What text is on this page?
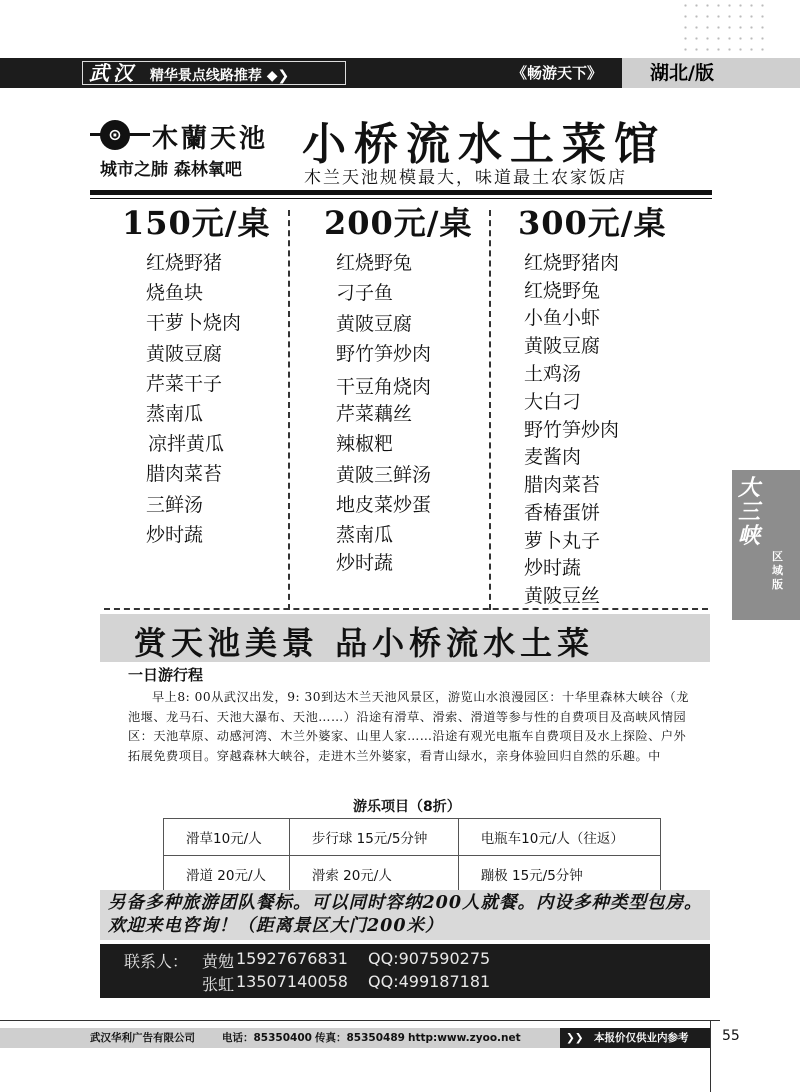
武汉 精华景点线路推荐 ◆❯	《畅游天下》	湖北/版
⊙	木蘭天池
城市之肺 森林氧吧 小桥流水土菜馆
木兰天池规模最大，味道最土农家饭店
150元/桌
红烧野猪
烧鱼块
干萝卜烧肉
黄陂豆腐
芹菜干子
蒸南瓜
凉拌黄瓜
腊肉菜苔
三鲜汤
炒时蔬
200元/桌
红烧野兔
刁子鱼
黄陂豆腐
野竹笋炒肉
干豆角烧肉
芹菜藕丝
辣椒粑
黄陂三鲜汤
地皮菜炒蛋
蒸南瓜
炒时蔬
300元/桌
红烧野猪肉
红烧野兔
小鱼小虾
黄陂豆腐
土鸡汤
大白刁
野竹笋炒肉
麦酱肉
腊肉菜苔
香椿蛋饼
萝卜丸子
炒时蔬
黄陂豆丝
赏天池美景 品小桥流水土菜
一日游行程
早上8: 00从武汉出发，9: 30到达木兰天池风景区，游览山水浪漫园区：十华里森林大峡谷（龙池堰、龙马石、天池大瀑布、天池……）沿途有滑草、滑索、滑道等参与性的自费项目及高峡风情园区：天池草原、动感河湾、木兰外婆家、山里人家……沿途有观光电瓶车自费项目及水上探险、户外拓展免费项目。穿越森林大峡谷，走进木兰外婆家，看青山绿水，亲身体验回归自然的乐趣。中
游乐项目（8折）
滑草10元/人	步行球 15元/5分钟	电瓶车10元/人（往返）
滑道 20元/人	滑索 20元/人	蹦极 15元/5分钟

另备多种旅游团队餐标。可以同时容纳200人就餐。内设多种类型包房。欢迎来电咨询！（距离景区大门200米）

联系人： 黄勉 15927676831 QQ:907590275
张虹 13507140058 QQ:499187181
大三峡
区域版
武汉华利广告有限公司	电话：85350400 传真：85350489 http:www.zyoo.net	❯❯ 本报价仅供业内参考	55
